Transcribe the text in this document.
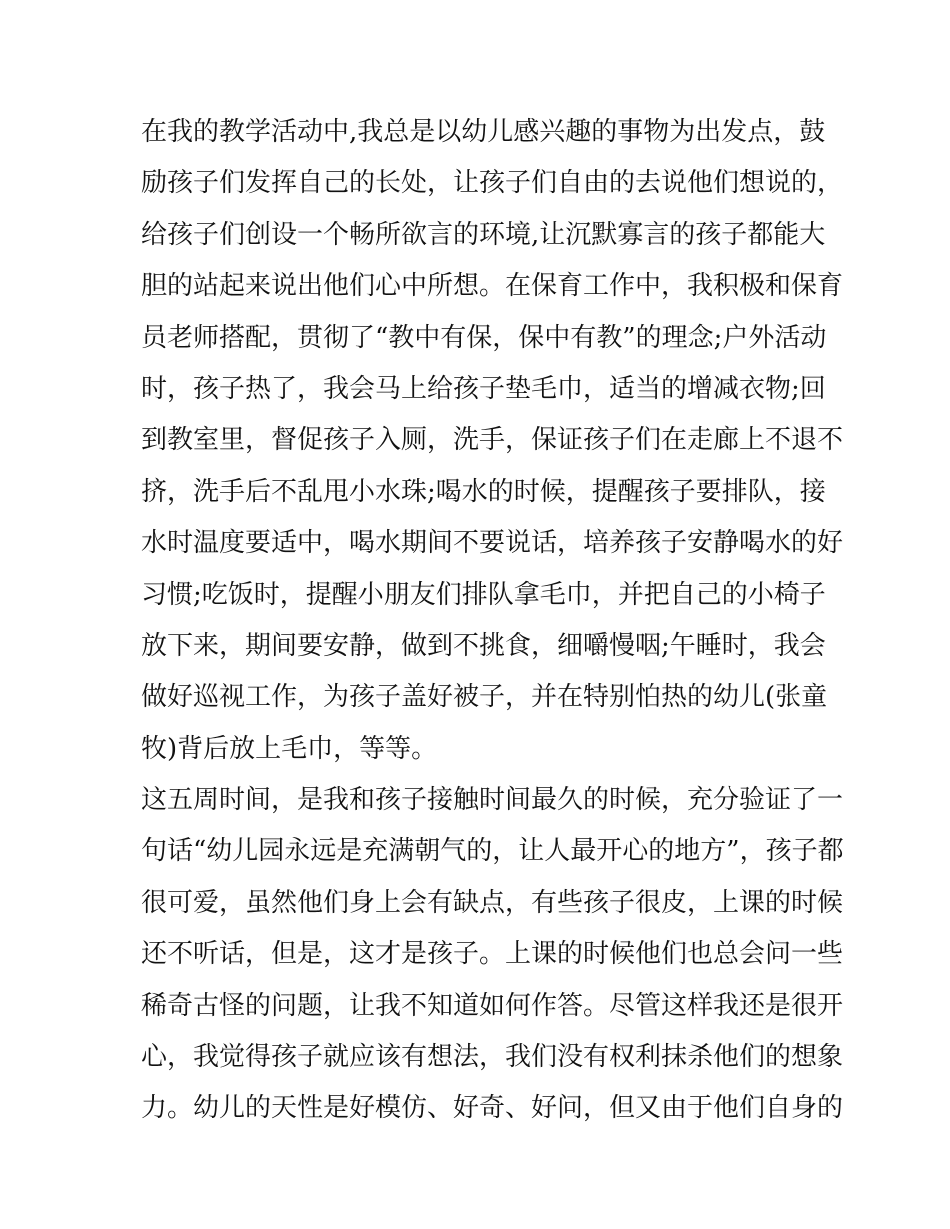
在我的教学活动中,我总是以幼儿感兴趣的事物为出发点，鼓
励孩子们发挥自己的长处，让孩子们自由的去说他们想说的，
给孩子们创设一个畅所欲言的环境,让沉默寡言的孩子都能大
胆的站起来说出他们心中所想。在保育工作中，我积极和保育
员老师搭配，贯彻了“教中有保，保中有教”的理念;户外活动
时，孩子热了，我会马上给孩子垫毛巾，适当的增减衣物;回
到教室里，督促孩子入厕，洗手，保证孩子们在走廊上不退不
挤，洗手后不乱甩小水珠;喝水的时候，提醒孩子要排队，接
水时温度要适中，喝水期间不要说话，培养孩子安静喝水的好
习惯;吃饭时，提醒小朋友们排队拿毛巾，并把自己的小椅子
放下来，期间要安静，做到不挑食，细嚼慢咽;午睡时，我会
做好巡视工作，为孩子盖好被子，并在特别怕热的幼儿(张童
牧)背后放上毛巾，等等。
这五周时间，是我和孩子接触时间最久的时候，充分验证了一
句话“幼儿园永远是充满朝气的，让人最开心的地方”，孩子都
很可爱，虽然他们身上会有缺点，有些孩子很皮，上课的时候
还不听话，但是，这才是孩子。上课的时候他们也总会问一些
稀奇古怪的问题，让我不知道如何作答。尽管这样我还是很开
心，我觉得孩子就应该有想法，我们没有权利抹杀他们的想象
力。幼儿的天性是好模仿、好奇、好问，但又由于他们自身的
